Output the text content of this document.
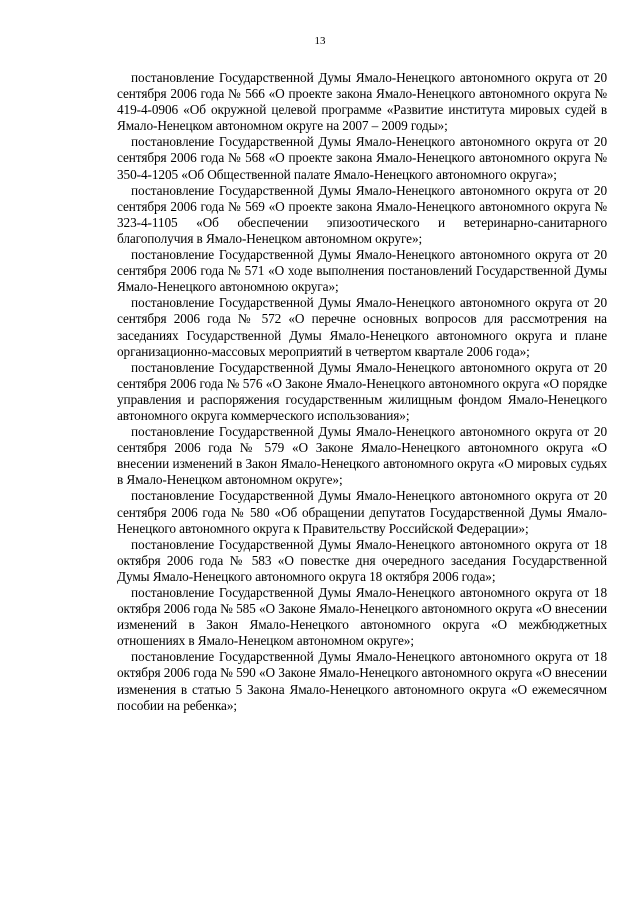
13

постановление Государственной Думы Ямало-Ненецкого автономного округа от 20 сентября 2006 года № 566 «О проекте закона Ямало-Ненецкого автономного округа № 419-4-0906 «Об окружной целевой программе «Развитие института мировых судей в Ямало-Ненецком автономном округе на 2007 – 2009 годы»;

постановление Государственной Думы Ямало-Ненецкого автономного округа от 20 сентября 2006 года № 568 «О проекте закона Ямало-Ненецкого автономного округа № 350-4-1205 «Об Общественной палате Ямало-Ненецкого автономного округа»;

постановление Государственной Думы Ямало-Ненецкого автономного округа от 20 сентября 2006 года № 569 «О проекте закона Ямало-Ненецкого автономного округа № 323-4-1105 «Об обеспечении эпизоотического и ветеринарно-санитарного благополучия в Ямало-Ненецком автономном округе»;

постановление Государственной Думы Ямало-Ненецкого автономного округа от 20 сентября 2006 года № 571 «О ходе выполнения постановлений Государственной Думы Ямало-Ненецкого автономною округа»;

постановление Государственной Думы Ямало-Ненецкого автономного округа от 20 сентября 2006 года № 572 «О перечне основных вопросов для рассмотрения на заседаниях Государственной Думы Ямало-Ненецкого автономного округа и плане организационно-массовых мероприятий в четвертом квартале 2006 года»;

постановление Государственной Думы Ямало-Ненецкого автономного округа от 20 сентября 2006 года № 576 «О Законе Ямало-Ненецкого автономного округа «О порядке управления и распоряжения государственным жилищным фондом Ямало-Ненецкого автономного округа коммерческого использования»;

постановление Государственной Думы Ямало-Ненецкого автономного округа от 20 сентября 2006 года № 579 «О Законе Ямало-Ненецкого автономного округа «О внесении изменений в Закон Ямало-Ненецкого автономного округа «О мировых судьях в Ямало-Ненецком автономном округе»;

постановление Государственной Думы Ямало-Ненецкого автономного округа от 20 сентября 2006 года № 580 «Об обращении депутатов Государственной Думы Ямало-Ненецкого автономного округа к Правительству Российской Федерации»;

постановление Государственной Думы Ямало-Ненецкого автономного округа от 18 октября 2006 года № 583 «О повестке дня очередного заседания Государственной Думы Ямало-Ненецкого автономного округа 18 октября 2006 года»;

постановление Государственной Думы Ямало-Ненецкого автономного округа от 18 октября 2006 года № 585 «О Законе Ямало-Ненецкого автономного округа «О внесении изменений в Закон Ямало-Ненецкого автономного округа «О межбюджетных отношениях в Ямало-Ненецком автономном округе»;

постановление Государственной Думы Ямало-Ненецкого автономного округа от 18 октября 2006 года № 590 «О Законе Ямало-Ненецкого автономного округа «О внесении изменения в статью 5 Закона Ямало-Ненецкого автономного округа «О ежемесячном пособии на ребенка»;
